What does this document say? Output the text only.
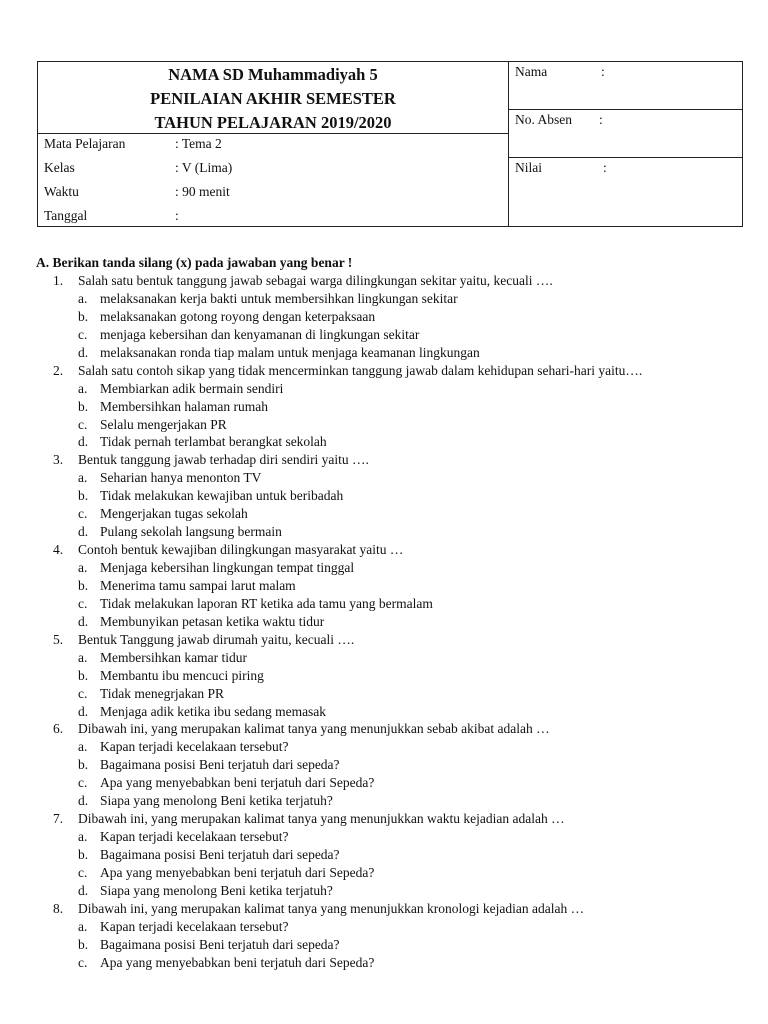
NAMA SD Muhammadiyah 5
PENILAIAN AKHIR SEMESTER
TAHUN PELAJARAN 2019/2020
Mata Pelajaran	: Tema 2
Kelas	: V (Lima)
Waktu	: 90 menit
Tanggal	:
Nama	:
No. Absen :
Nilai	:
A. Berikan tanda silang (x) pada jawaban yang benar !
1. Salah satu bentuk tanggung jawab sebagai warga dilingkungan sekitar yaitu, kecuali ….
a. melaksanakan kerja bakti untuk membersihkan lingkungan sekitar
b. melaksanakan gotong royong dengan keterpaksaan
c. menjaga kebersihan dan kenyamanan di lingkungan sekitar
d. melaksanakan ronda tiap malam untuk menjaga keamanan lingkungan
2. Salah satu contoh sikap yang tidak mencerminkan tanggung jawab dalam kehidupan sehari-hari yaitu….
a. Membiarkan adik bermain sendiri
b. Membersihkan halaman rumah
c. Selalu mengerjakan PR
d. Tidak pernah terlambat berangkat sekolah
3. Bentuk tanggung jawab terhadap diri sendiri yaitu ….
a. Seharian hanya menonton TV
b. Tidak melakukan kewajiban untuk beribadah
c. Mengerjakan tugas sekolah
d. Pulang sekolah langsung bermain
4. Contoh bentuk kewajiban dilingkungan masyarakat yaitu …
a. Menjaga kebersihan lingkungan tempat tinggal
b. Menerima tamu sampai larut malam
c. Tidak melakukan laporan RT ketika ada tamu yang bermalam
d. Membunyikan petasan ketika waktu tidur
5. Bentuk Tanggung jawab dirumah yaitu, kecuali ….
a. Membersihkan kamar tidur
b. Membantu ibu mencuci piring
c. Tidak menegrjakan PR
d. Menjaga adik ketika ibu sedang memasak
6. Dibawah ini, yang merupakan kalimat tanya yang menunjukkan sebab akibat adalah …
a. Kapan terjadi kecelakaan tersebut?
b. Bagaimana posisi Beni terjatuh dari sepeda?
c. Apa yang menyebabkan beni terjatuh dari Sepeda?
d. Siapa yang menolong Beni ketika terjatuh?
7. Dibawah ini, yang merupakan kalimat tanya yang menunjukkan waktu kejadian adalah …
a. Kapan terjadi kecelakaan tersebut?
b. Bagaimana posisi Beni terjatuh dari sepeda?
c. Apa yang menyebabkan beni terjatuh dari Sepeda?
d. Siapa yang menolong Beni ketika terjatuh?
8. Dibawah ini, yang merupakan kalimat tanya yang menunjukkan kronologi kejadian adalah …
a. Kapan terjadi kecelakaan tersebut?
b. Bagaimana posisi Beni terjatuh dari sepeda?
c. Apa yang menyebabkan beni terjatuh dari Sepeda?
